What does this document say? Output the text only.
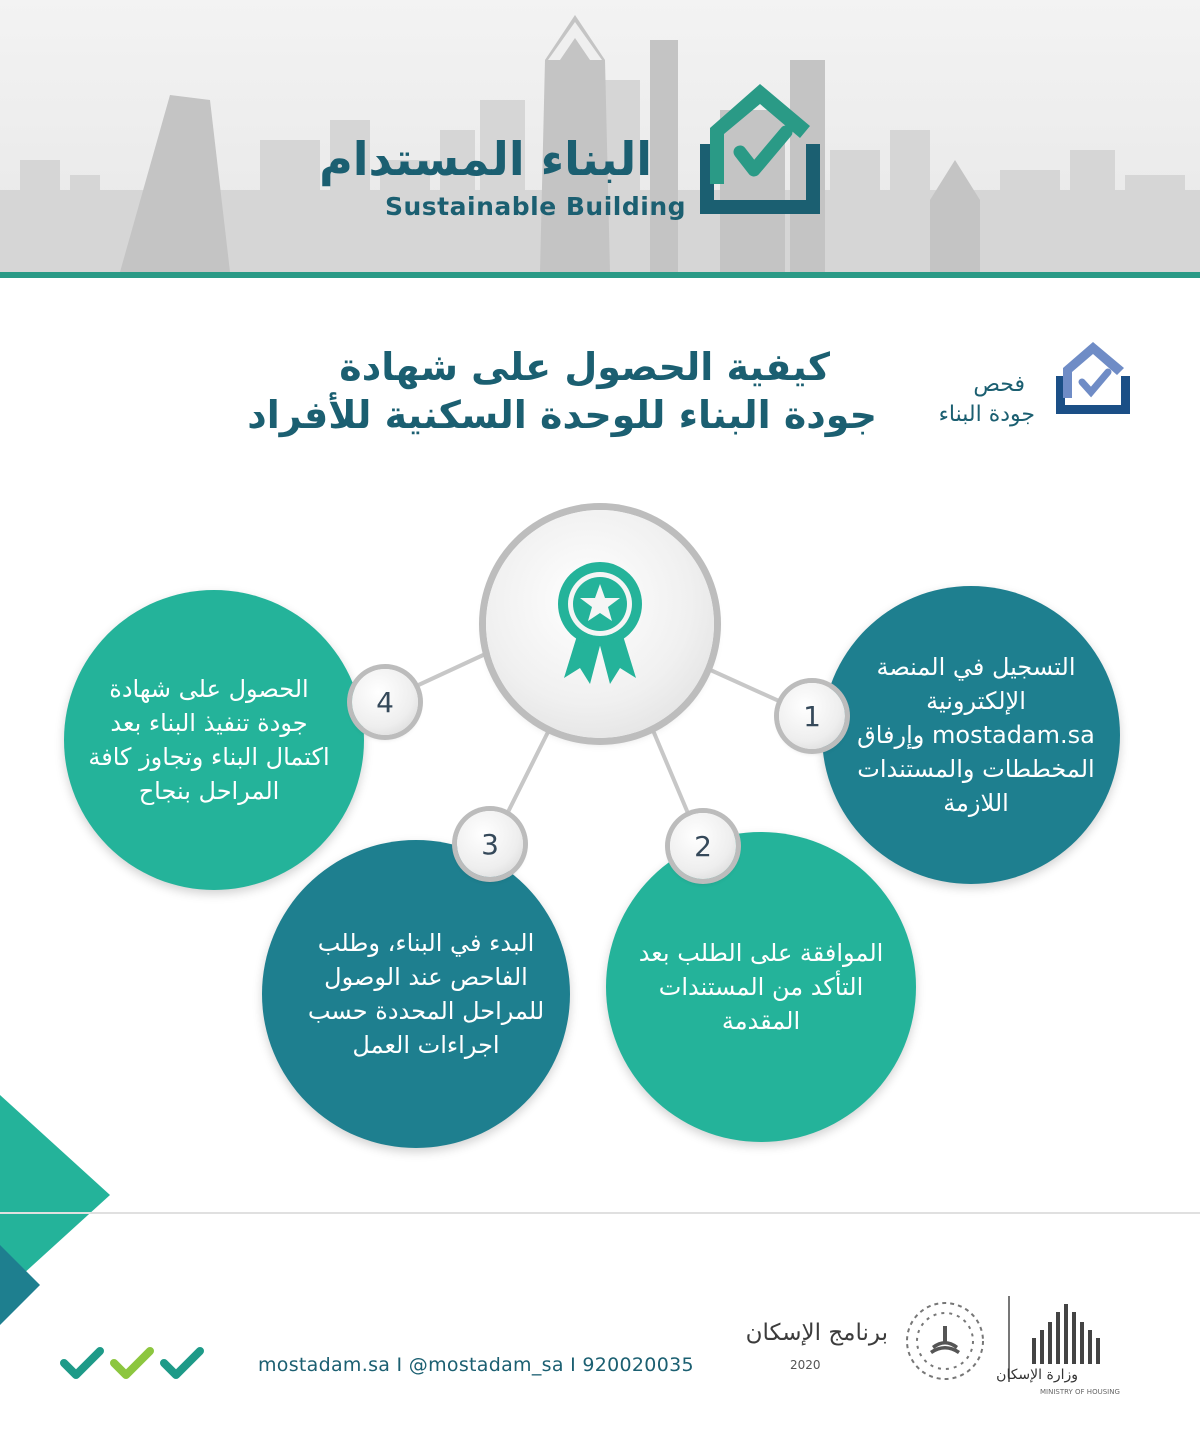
البناء المستدام
Sustainable Building
كيفية الحصول على شهادة
جودة البناء للوحدة السكنية للأفراد
فحص
جودة البناء
التسجيل في المنصة الإلكترونية mostadam.sa وإرفاق المخططات والمستندات اللازمة
الموافقة على الطلب بعد التأكد من المستندات المقدمة
البدء في البناء، وطلب الفاحص عند الوصول للمراحل المحددة حسب اجراءات العمل
الحصول على شهادة جودة تنفيذ البناء بعد اكتمال البناء وتجاوز كافة المراحل بنجاح
1
2
3
4
mostadam.sa I @mostadam_sa I 920020035
برنامج الإسكان
2020
وزارة الإسكان
MINISTRY OF HOUSING
